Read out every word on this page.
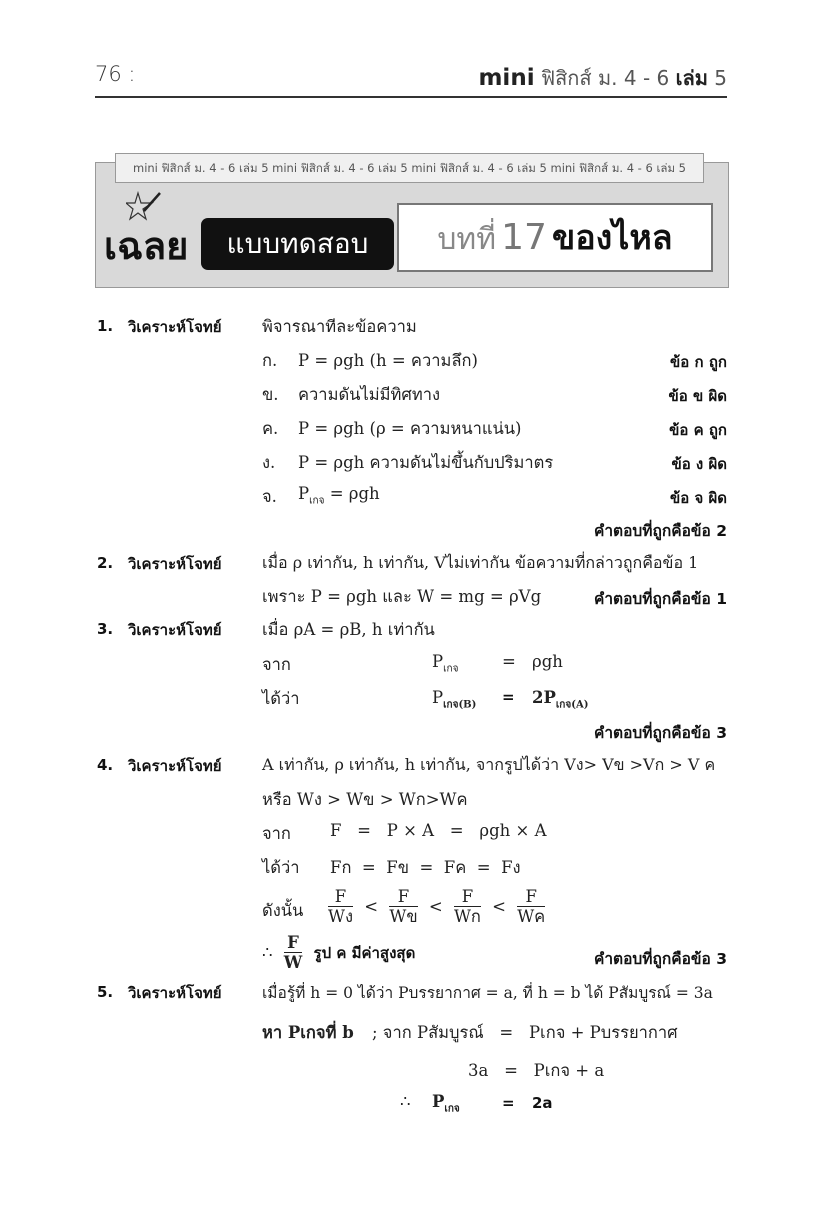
76 :	mini ฟิสิกส์ ม. 4 - 6 เล่ม 5
mini ฟิสิกส์ ม. 4 - 6 เล่ม 5 mini ฟิสิกส์ ม. 4 - 6 เล่ม 5 mini ฟิสิกส์ ม. 4 - 6 เล่ม 5 mini ฟิสิกส์ ม. 4 - 6 เล่ม 5
เฉลย	แบบทดสอบ	บทที่ 17 ของไหล
1. วิเคราะห์โจทย์ พิจารณาทีละข้อความ
ก. P = ρgh (h = ความลึก)	ข้อ ก ถูก
ข. ความดันไม่มีทิศทาง	ข้อ ข ผิด
ค. P = ρgh (ρ = ความหนาแน่น)	ข้อ ค ถูก
ง. P = ρgh ความดันไม่ขึ้นกับปริมาตร	ข้อ ง ผิด
จ. $P_{เกจ} = \rho gh$	ข้อ จ ผิด
คำตอบที่ถูกคือข้อ 2
2. วิเคราะห์โจทย์	เมื่อ ρ เท่ากัน, h เท่ากัน, Vไม่เท่ากัน ข้อความที่กล่าวถูกคือข้อ 1
เพราะ P = ρgh และ W = mg = ρVg	คำตอบที่ถูกคือข้อ 1
3. วิเคราะห์โจทย์ เมื่อ ρA = ρB, h เท่ากัน
จาก	$P_{เกจ}$	= ρgh
ได้ว่า	$P_{เกจ(B)} = 2P_{เกจ(A)}$
คำตอบที่ถูกคือข้อ 3
4. วิเคราะห์โจทย์	A เท่ากัน, ρ เท่ากัน, h เท่ากัน, จากรูปได้ว่า Vง> Vข >Vก > V ค
หรือ Wง > Wข > Wก>Wค
จาก F   =   P × A   =   ρgh × A
ได้ว่า Fก  =  Fข  =  Fค  =  Fง
ดังนั้น $\frac{F}{\text{Wง}} < \frac{F}{\text{Wข}} < \frac{F}{\text{Wก}} < \frac{F}{\text{Wค}}$
∴ $\frac{F}{W}$ รูป ค มีค่าสูงสุด	คำตอบที่ถูกคือข้อ 3
5. วิเคราะห์โจทย์	เมื่อรู้ที่ h = 0 ได้ว่า Pบรรยากาศ = a, ที่ h = b ได้ Pสัมบูรณ์ = 3a
หา Pเกจที่ b ; จาก Pสัมบูรณ์   =   Pเกจ + Pบรรยากาศ
3a   =   Pเกจ + a
∴ $P_{เกจ}$	= 2a
